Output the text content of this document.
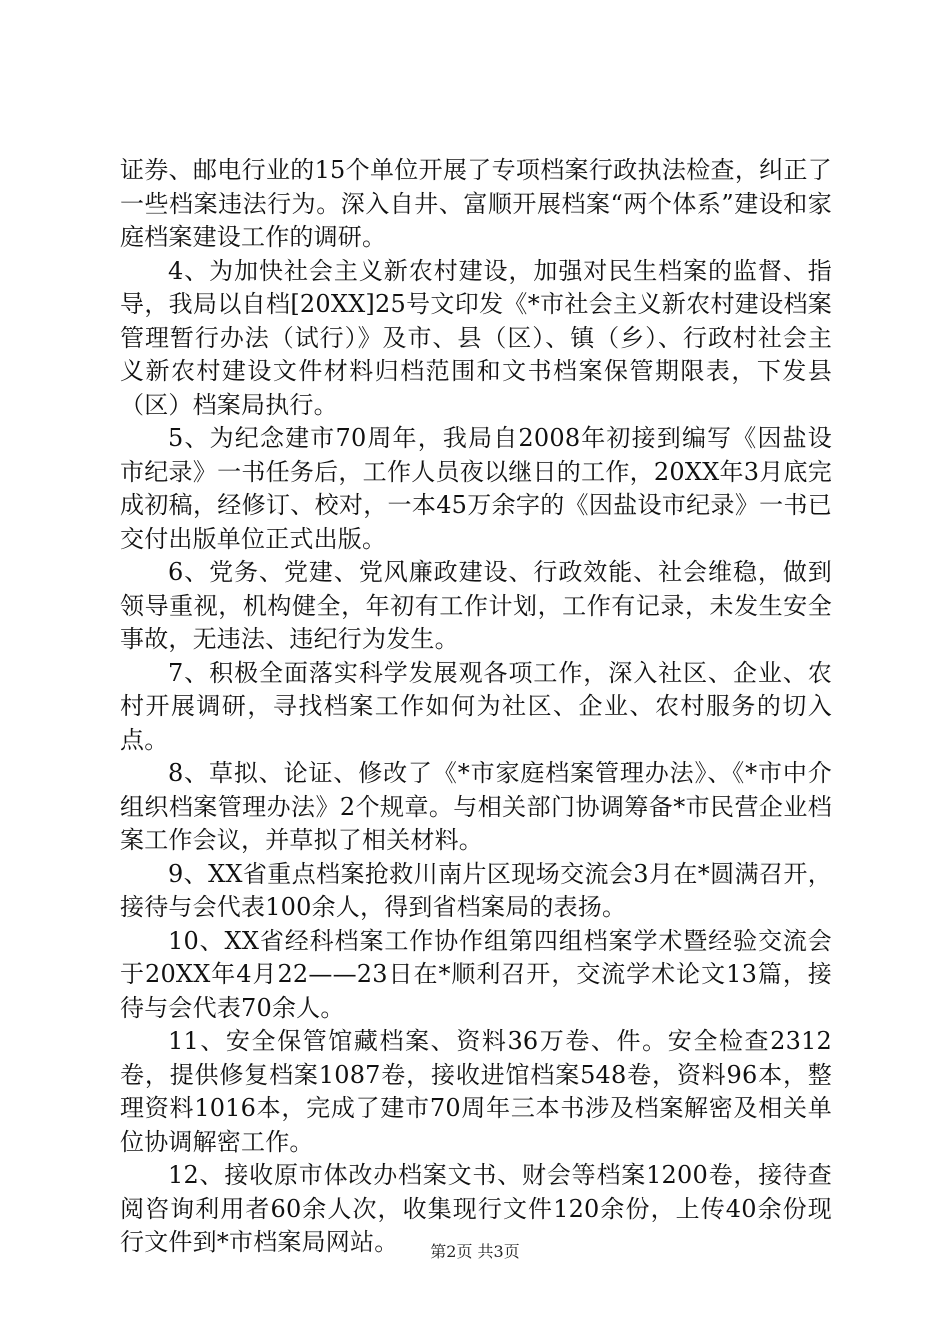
证券、邮电行业的15个单位开展了专项档案行政执法检查，纠正了一些档案违法行为。深入自井、富顺开展档案“两个体系”建设和家庭档案建设工作的调研。

4、为加快社会主义新农村建设，加强对民生档案的监督、指导，我局以自档[20XX]25号文印发《*市社会主义新农村建设档案管理暂行办法（试行）》及市、县（区）、镇（乡）、行政村社会主义新农村建设文件材料归档范围和文书档案保管期限表，下发县（区）档案局执行。

5、为纪念建市70周年，我局自2008年初接到编写《因盐设市纪录》一书任务后，工作人员夜以继日的工作，20XX年3月底完成初稿，经修订、校对，一本45万余字的《因盐设市纪录》一书已交付出版单位正式出版。

6、党务、党建、党风廉政建设、行政效能、社会维稳，做到领导重视，机构健全，年初有工作计划，工作有记录，未发生安全事故，无违法、违纪行为发生。

7、积极全面落实科学发展观各项工作，深入社区、企业、农村开展调研，寻找档案工作如何为社区、企业、农村服务的切入点。

8、草拟、论证、修改了《*市家庭档案管理办法》、《*市中介组织档案管理办法》2个规章。与相关部门协调筹备*市民营企业档案工作会议，并草拟了相关材料。

9、XX省重点档案抢救川南片区现场交流会3月在*圆满召开，接待与会代表100余人，得到省档案局的表扬。

10、XX省经科档案工作协作组第四组档案学术暨经验交流会于20XX年4月22——23日在*顺利召开，交流学术论文13篇，接待与会代表70余人。

11、安全保管馆藏档案、资料36万卷、件。安全检查2312卷，提供修复档案1087卷，接收进馆档案548卷，资料96本，整理资料1016本，完成了建市70周年三本书涉及档案解密及相关单位协调解密工作。

12、接收原市体改办档案文书、财会等档案1200卷，接待查阅咨询利用者60余人次，收集现行文件120余份，上传40余份现行文件到*市档案局网站。	第2页 共3页
